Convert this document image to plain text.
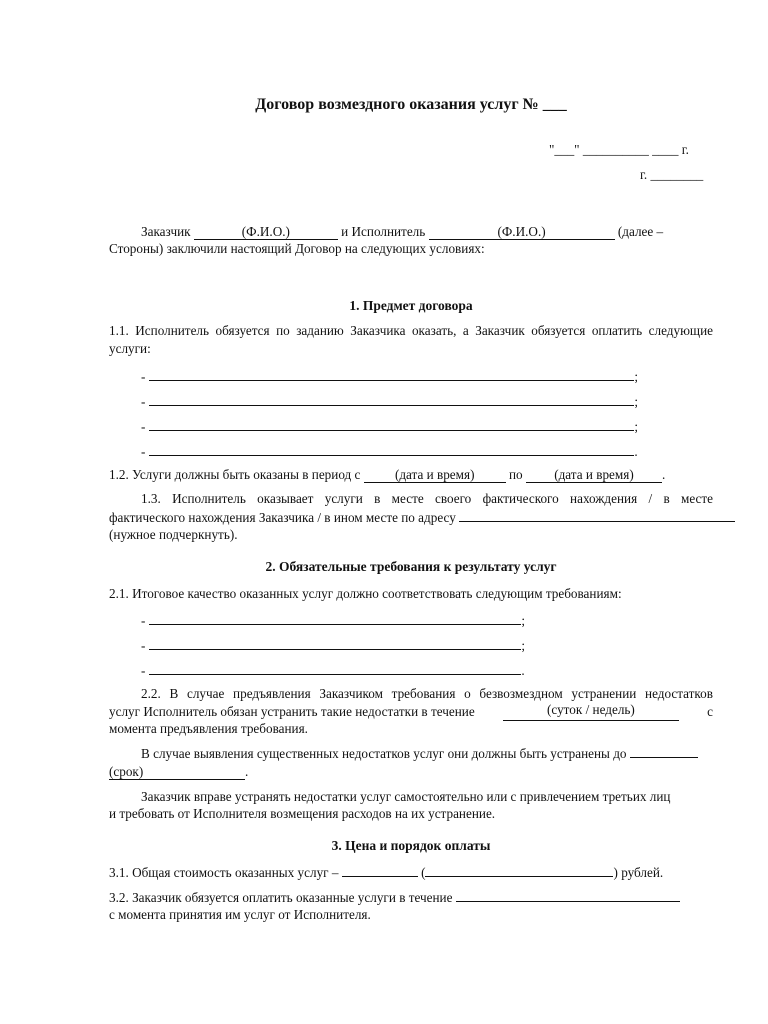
Договор возмездного оказания услуг № ___
"___" __________ ____ г.
г. ________
Заказчик	(Ф.И.О.)	и Исполнитель	(Ф.И.О.)	(далее –
Стороны) заключили настоящий Договор на следующих условиях:
1. Предмет договора
1.1. Исполнитель обязуется по заданию Заказчика оказать, а Заказчик обязуется оплатить следующие услуги:
-	;
-	;
-	;
-	.
1.2. Услуги должны быть оказаны в период с	(дата и время)	по (дата и время) .
1.3. Исполнитель оказывает услуги в месте своего фактического нахождения / в месте
фактического нахождения Заказчика / в ином месте по адресу
(нужное подчеркнуть).
2. Обязательные требования к результату услуг
2.1. Итоговое качество оказанных услуг должно соответствовать следующим требованиям:
-	;
-	;
-	.
2.2. В случае предъявления Заказчиком требования о безвозмездном устранении недостатков
услуг Исполнитель обязан устранить такие недостатки в течение	(суток / недель)	с
момента предъявления требования.
В случае выявления существенных недостатков услуг они должны быть устранены до
(срок)	.
Заказчик вправе устранять недостатки услуг самостоятельно или с привлечением третьих лиц
и требовать от Исполнителя возмещения расходов на их устранение.
3. Цена и порядок оплаты
3.1. Общая стоимость оказанных услуг –	(	) рублей.
3.2. Заказчик обязуется оплатить оказанные услуги в течение
с момента принятия им услуг от Исполнителя.
